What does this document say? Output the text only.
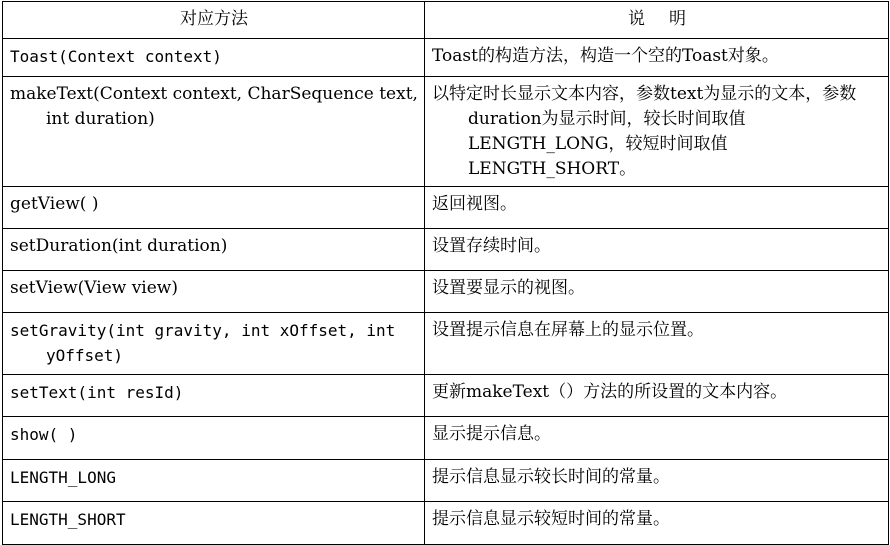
对应方法	说明
Toast(Context context)	Toast的构造方法，构造一个空的Toast对象。
makeText(Context context, CharSequence text, int duration)	以特定时长显示文本内容，参数text为显示的文本，参数duration为显示时间，较长时间取值LENGTH_LONG，较短时间取值LENGTH_SHORT。
getView( )	返回视图。
setDuration(int duration)	设置存续时间。
setView(View view)	设置要显示的视图。
setGravity(int gravity, int xOffset, int yOffset)	设置提示信息在屏幕上的显示位置。
setText(int resId)	更新makeText（）方法的所设置的文本内容。
show( )	显示提示信息。
LENGTH_LONG	提示信息显示较长时间的常量。
LENGTH_SHORT	提示信息显示较短时间的常量。
